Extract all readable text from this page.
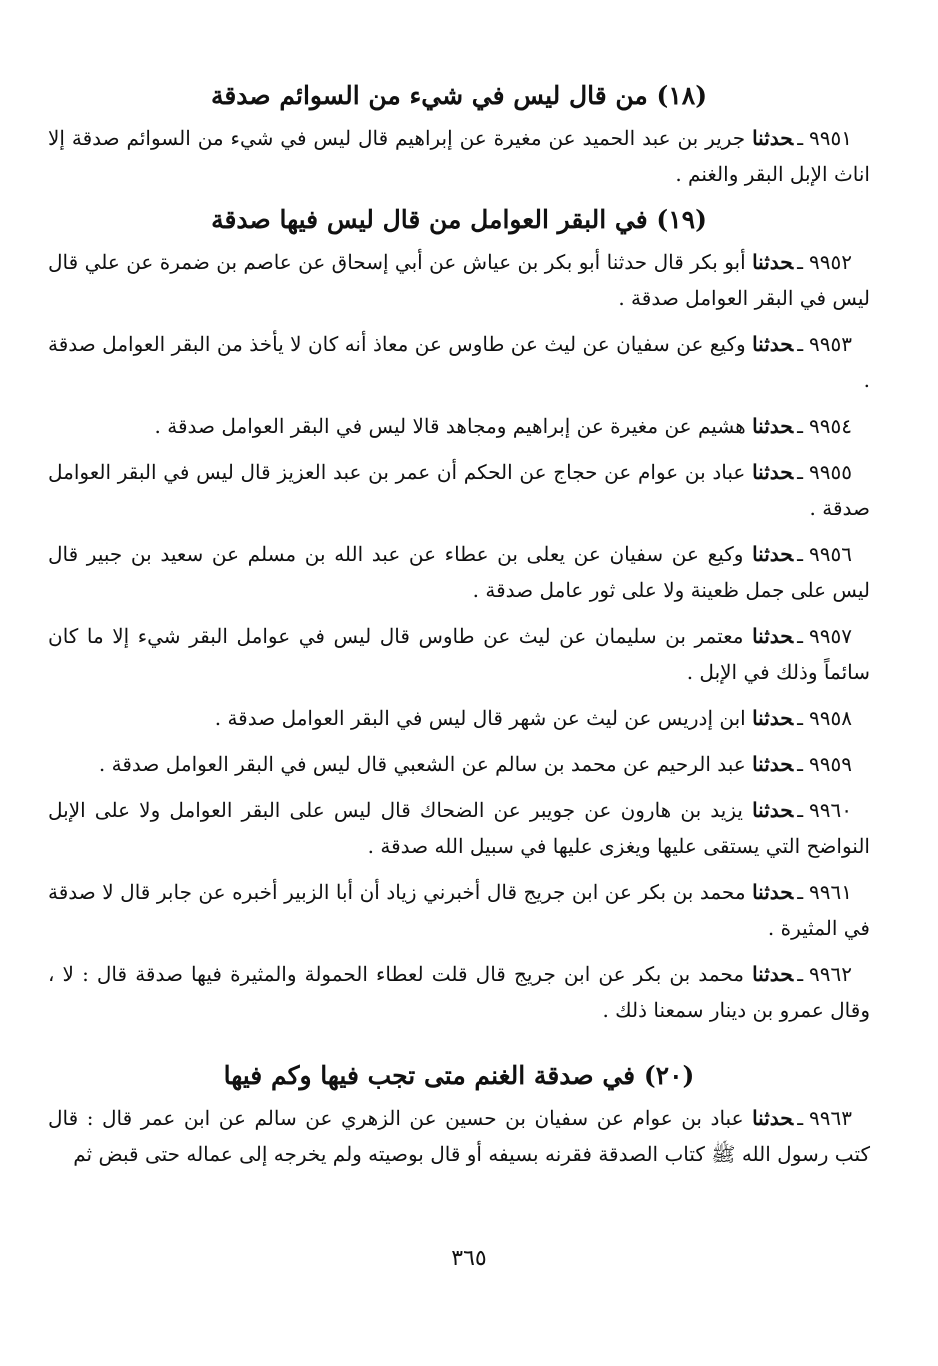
(١٨) من قال ليس في شيء من السوائم صدقة

٩٩٥١ـحدثنا جرير بن عبد الحميد عن مغيرة عن إبراهيم قال ليس في شيء من السوائم صدقة إلا اناث الإبل البقر والغنم .

(١٩) في البقر العوامل من قال ليس فيها صدقة

٩٩٥٢ـحدثنا أبو بكر قال حدثنا أبو بكر بن عياش عن أبي إسحاق عن عاصم بن ضمرة عن علي قال ليس في البقر العوامل صدقة .

٩٩٥٣ـحدثنا وكيع عن سفيان عن ليث عن طاوس عن معاذ أنه كان لا يأخذ من البقر العوامل صدقة .

٩٩٥٤ـحدثنا هشيم عن مغيرة عن إبراهيم ومجاهد قالا ليس في البقر العوامل صدقة .

٩٩٥٥ـحدثنا عباد بن عوام عن حجاج عن الحكم أن عمر بن عبد العزيز قال ليس في البقر العوامل صدقة .

٩٩٥٦ـحدثنا وكيع عن سفيان عن يعلى بن عطاء عن عبد الله بن مسلم عن سعيد بن جبير قال ليس على جمل ظعينة ولا على ثور عامل صدقة .

٩٩٥٧ـحدثنا معتمر بن سليمان عن ليث عن طاوس قال ليس في عوامل البقر شيء إلا ما كان سائماً وذلك في الإبل .

٩٩٥٨ـحدثنا ابن إدريس عن ليث عن شهر قال ليس في البقر العوامل صدقة .

٩٩٥٩ـحدثنا عبد الرحيم عن محمد بن سالم عن الشعبي قال ليس في البقر العوامل صدقة .

٩٩٦٠ـحدثنا يزيد بن هارون عن جويبر عن الضحاك قال ليس على البقر العوامل ولا على الإبل النواضح التي يستقى عليها ويغزى عليها في سبيل الله صدقة .

٩٩٦١ـحدثنا محمد بن بكر عن ابن جريج قال أخبرني زياد أن أبا الزبير أخبره عن جابر قال لا صدقة في المثيرة .

٩٩٦٢ـحدثنا محمد بن بكر عن ابن جريج قال قلت لعطاء الحمولة والمثيرة فيها صدقة قال : لا ، وقال عمرو بن دينار سمعنا ذلك .

(٢٠) في صدقة الغنم متى تجب فيها وكم فيها

٩٩٦٣ـحدثنا عباد بن عوام عن سفيان بن حسين عن الزهري عن سالم عن ابن عمر قال : قال كتب رسول الله ﷺ كتاب الصدقة فقرنه بسيفه أو قال بوصيته ولم يخرجه إلى عماله حتى قبض ثم

٣٦٥
